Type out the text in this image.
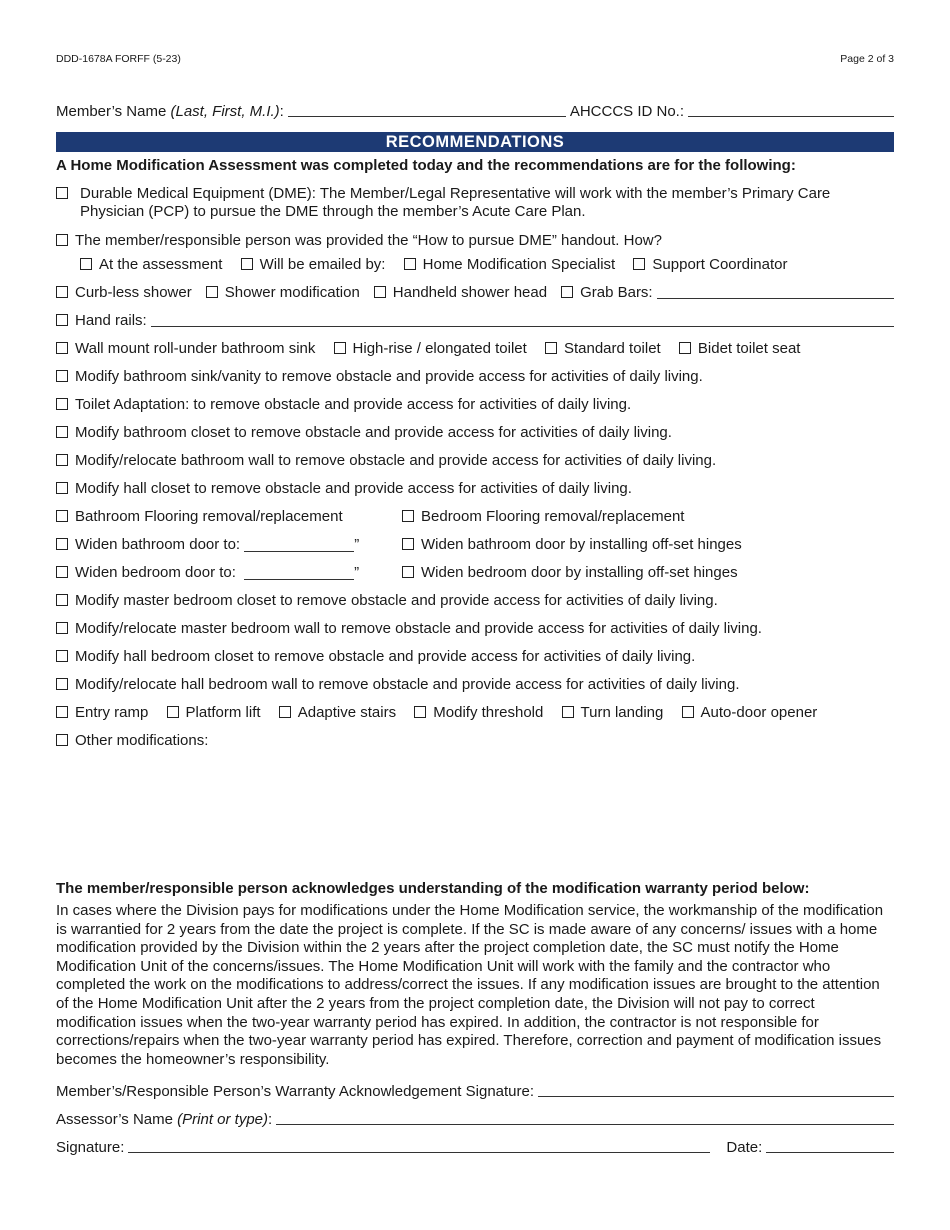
DDD-1678A FORFF (5-23)	Page 2 of 3
Member’s Name (Last, First, M.I.):	AHCCCS ID No.:
RECOMMENDATIONS
A Home Modification Assessment was completed today and the recommendations are for the following:
Durable Medical Equipment (DME): The Member/Legal Representative will work with the member’s Primary Care Physician (PCP) to pursue the DME through the member’s Acute Care Plan.
The member/responsible person was provided the “How to pursue DME” handout. How?
At the assessment Will be emailed by: Home Modification Specialist Support Coordinator
Curb-less shower	Shower modification	Handheld shower head	Grab Bars:
Hand rails:
Wall mount roll-under bathroom sink High-rise / elongated toilet Standard toilet Bidet toilet seat
Modify bathroom sink/vanity to remove obstacle and provide access for activities of daily living.
Toilet Adaptation: to remove obstacle and provide access for activities of daily living.
Modify bathroom closet to remove obstacle and provide access for activities of daily living.
Modify/relocate bathroom wall to remove obstacle and provide access for activities of daily living.
Modify hall closet to remove obstacle and provide access for activities of daily living.
Bathroom Flooring removal/replacement	Bedroom Flooring removal/replacement
Widen bathroom door to:	”	Widen bathroom door by installing off-set hinges
Widen bedroom door to:	”	Widen bedroom door by installing off-set hinges
Modify master bedroom closet to remove obstacle and provide access for activities of daily living.
Modify/relocate master bedroom wall to remove obstacle and provide access for activities of daily living.
Modify hall bedroom closet to remove obstacle and provide access for activities of daily living.
Modify/relocate hall bedroom wall to remove obstacle and provide access for activities of daily living.
Entry ramp Platform lift Adaptive stairs Modify threshold Turn landing Auto-door opener
Other modifications:
The member/responsible person acknowledges understanding of the modification warranty period below:
In cases where the Division pays for modifications under the Home Modification service, the workmanship of the modification is warrantied for 2 years from the date the project is complete. If the SC is made aware of any concerns/ issues with a home modification provided by the Division within the 2 years after the project completion date, the SC must notify the Home Modification Unit of the concerns/issues. The Home Modification Unit will work with the family and the contractor who completed the work on the modifications to address/correct the issues. If any modification issues are brought to the attention of the Home Modification Unit after the 2 years from the project completion date, the Division will not pay to correct modification issues when the two-year warranty period has expired. In addition, the contractor is not responsible for corrections/repairs when the two-year warranty period has expired. Therefore, correction and payment of modification issues becomes the homeowner’s responsibility.
Member’s/Responsible Person’s Warranty Acknowledgement Signature:
Assessor’s Name (Print or type):
Signature:	Date:
